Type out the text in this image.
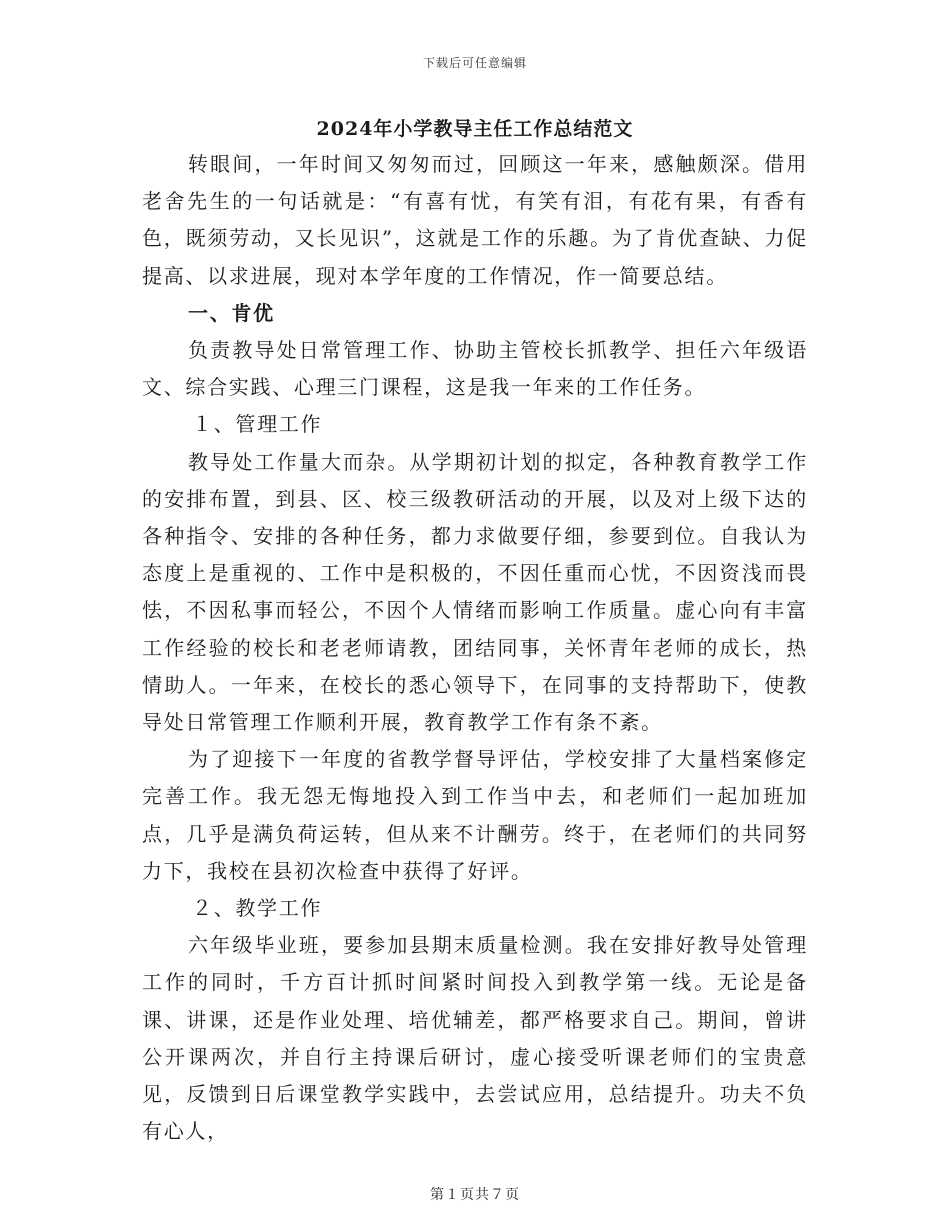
下载后可任意编辑
2024年小学教导主任工作总结范文

转眼间，一年时间又匆匆而过，回顾这一年来，感触颇深。借用老舍先生的一句话就是：“有喜有忧，有笑有泪，有花有果，有香有色，既须劳动，又长见识”，这就是工作的乐趣。为了肯优查缺、力促提高、以求进展，现对本学年度的工作情况，作一简要总结。

一、肯优

负责教导处日常管理工作、协助主管校长抓教学、担任六年级语文、综合实践、心理三门课程，这是我一年来的工作任务。

１、管理工作

教导处工作量大而杂。从学期初计划的拟定，各种教育教学工作的安排布置，到县、区、校三级教研活动的开展，以及对上级下达的各种指令、安排的各种任务，都力求做要仔细，参要到位。自我认为态度上是重视的、工作中是积极的，不因任重而心忧，不因资浅而畏怯，不因私事而轻公，不因个人情绪而影响工作质量。虚心向有丰富工作经验的校长和老老师请教，团结同事，关怀青年老师的成长，热情助人。一年来，在校长的悉心领导下，在同事的支持帮助下，使教导处日常管理工作顺利开展，教育教学工作有条不紊。

为了迎接下一年度的省教学督导评估，学校安排了大量档案修定完善工作。我无怨无悔地投入到工作当中去，和老师们一起加班加点，几乎是满负荷运转，但从来不计酬劳。终于，在老师们的共同努力下，我校在县初次检查中获得了好评。

２、教学工作

六年级毕业班，要参加县期末质量检测。我在安排好教导处管理工作的同时，千方百计抓时间紧时间投入到教学第一线。无论是备课、讲课，还是作业处理、培优辅差，都严格要求自己。期间，曾讲公开课两次，并自行主持课后研讨，虚心接受听课老师们的宝贵意见，反馈到日后课堂教学实践中，去尝试应用，总结提升。功夫不负有心人，

第１页共７页
